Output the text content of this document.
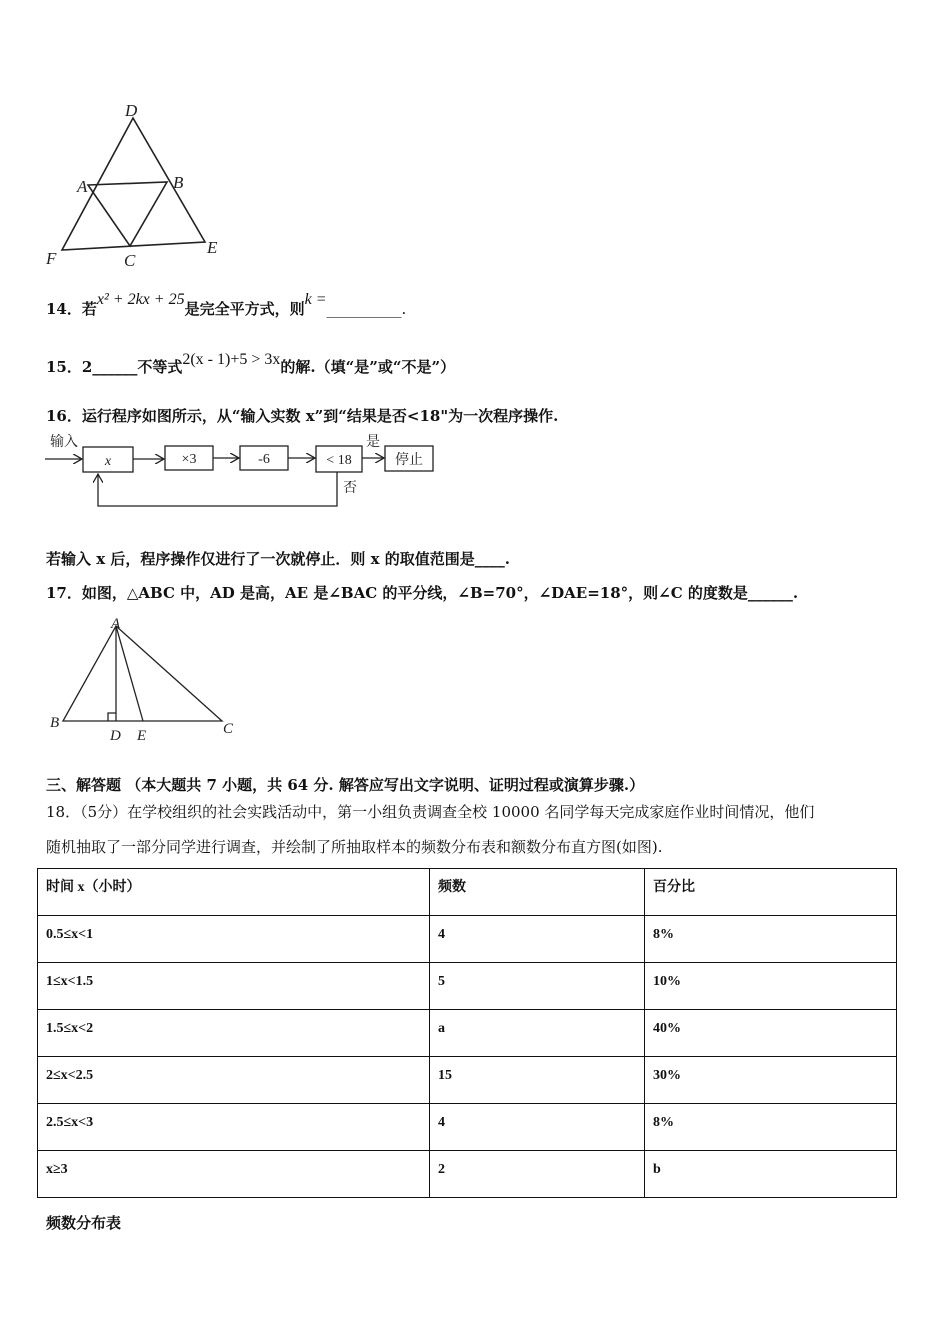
D
A	B
F	C
E
输入
x	×3	-6	< 18
是
否
停止
A
B	C
D E
14．若x² + 2kx + 25是完全平方式，则k =__________.
15．2______不等式2(x - 1)+5 > 3x的解.（填“是”或“不是”）
16．运行程序如图所示，从“输入实数 x”到“结果是否<18"为一次程序操作.
若输入 x 后，程序操作仅进行了一次就停止．则 x 的取值范围是____.
17．如图，△ABC 中，AD 是高，AE 是∠BAC 的平分线，∠B=70°，∠DAE=18°，则∠C 的度数是______.
三、解答题 （本大题共 7 小题，共 64 分. 解答应写出文字说明、证明过程或演算步骤.）
18．（5分）在学校组织的社会实践活动中，第一小组负责调查全校 10000 名同学每天完成家庭作业时间情况，他们
随机抽取了一部分同学进行调查，并绘制了所抽取样本的频数分布表和额数分布直方图(如图).
时间 x（小时）	频数	百分比
0.5≤x<1	4	8%
1≤x<1.5	5	10%
1.5≤x<2	a	40%
2≤x<2.5	15	30%
2.5≤x<3	4	8%
x≥3	2	b
频数分布表
